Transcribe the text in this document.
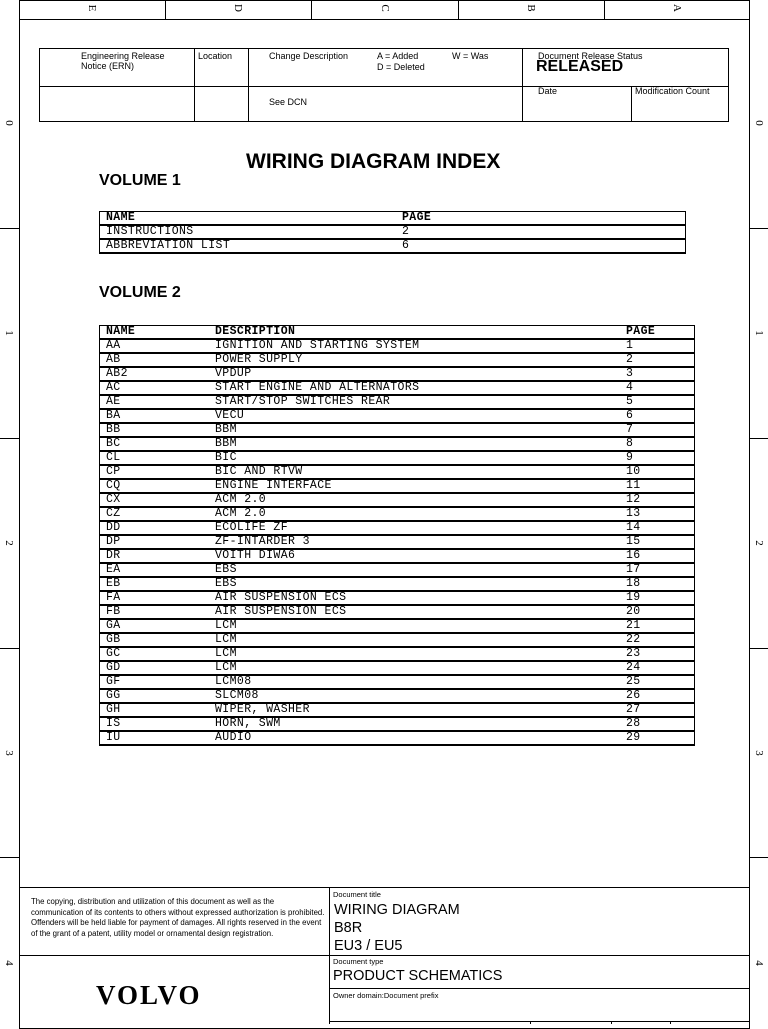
E	D	C	B	A
0
1
2
3
4
0
1
2
3
4
Engineering Release Notice (ERN)
Location	Change Description	A = Added
D = Deleted
W = Was	Document Release Status
RELEASED
See DCN
Date	Modification Count
WIRING DIAGRAM INDEX
VOLUME 1
NAME	PAGE
INSTRUCTIONS	2
ABBREVIATION LIST	6
VOLUME 2
NAME	DESCRIPTION	PAGE
AA	IGNITION AND STARTING SYSTEM	1
AB	POWER SUPPLY	2
AB2	VPDUP	3
AC	START ENGINE AND ALTERNATORS	4
AE	START/STOP SWITCHES REAR	5
BA	VECU	6
BB	BBM	7
BC	BBM	8
CL	BIC	9
CP	BIC AND RTVW	10
CQ	ENGINE INTERFACE	11
CX	ACM 2.0	12
CZ	ACM 2.0	13
DD	ECOLIFE ZF	14
DP	ZF-INTARDER 3	15
DR	VOITH DIWA6	16
EA	EBS	17
EB	EBS	18
FA	AIR SUSPENSION ECS	19
FB	AIR SUSPENSION ECS	20
GA	LCM	21
GB	LCM	22
GC	LCM	23
GD	LCM	24
GF	LCM08	25
GG	SLCM08	26
GH	WIPER, WASHER	27
IS	HORN, SWM	28
IU	AUDIO	29
The copying, distribution and utilization of this document as well as the communication of its contents to others without expressed authorization is prohibited. Offenders will be held liable for payment of damages. All rights reserved in the event of the grant of a patent, utility model or ornamental design registration.
VOLVO
Document title
WIRING DIAGRAM
B8R
EU3 / EU5
Document type
PRODUCT SCHEMATICS
Owner domain:Document prefix
